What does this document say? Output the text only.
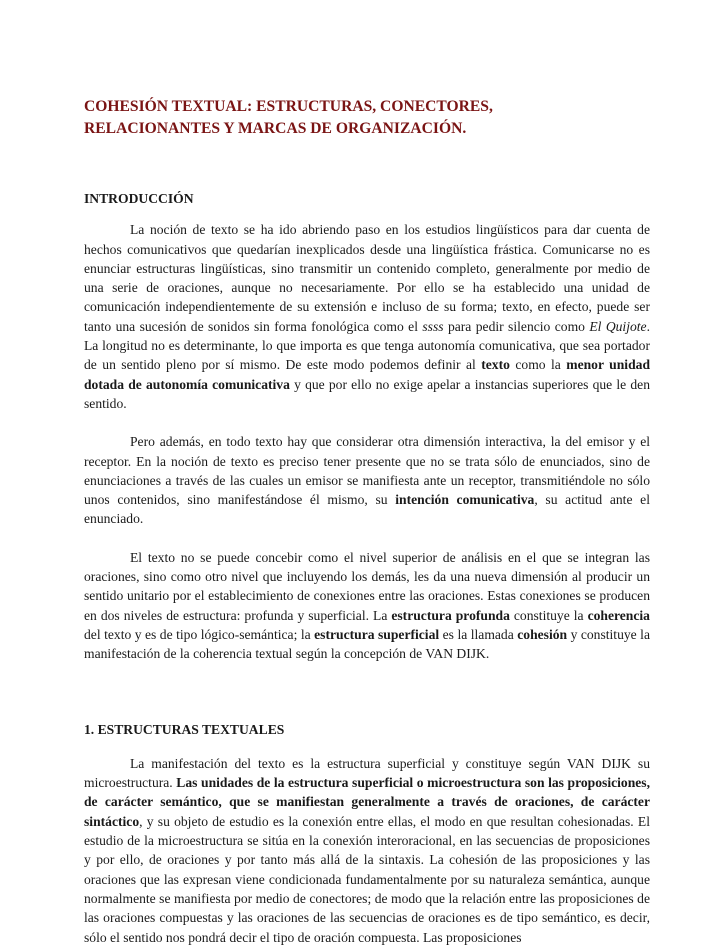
COHESIÓN TEXTUAL: ESTRUCTURAS, CONECTORES,
RELACIONANTES Y MARCAS DE ORGANIZACIÓN.
INTRODUCCIÓN

La noción de texto se ha ido abriendo paso en los estudios lingüísticos para dar cuenta de hechos comunicativos que quedarían inexplicados desde una lingüística frástica. Comunicarse no es enunciar estructuras lingüísticas, sino transmitir un contenido completo, generalmente por medio de una serie de oraciones, aunque no necesariamente. Por ello se ha establecido una unidad de comunicación independientemente de su extensión e incluso de su forma; texto, en efecto, puede ser tanto una sucesión de sonidos sin forma fonológica como el ssss para pedir silencio como El Quijote. La longitud no es determinante, lo que importa es que tenga autonomía comunicativa, que sea portador de un sentido pleno por sí mismo. De este modo podemos definir al texto como la menor unidad dotada de autonomía comunicativa y que por ello no exige apelar a instancias superiores que le den sentido.

Pero además, en todo texto hay que considerar otra dimensión interactiva, la del emisor y el receptor. En la noción de texto es preciso tener presente que no se trata sólo de enunciados, sino de enunciaciones a través de las cuales un emisor se manifiesta ante un receptor, transmitiéndole no sólo unos contenidos, sino manifestándose él mismo, su intención comunicativa, su actitud ante el enunciado.

El texto no se puede concebir como el nivel superior de análisis en el que se integran las oraciones, sino como otro nivel que incluyendo los demás, les da una nueva dimensión al producir un sentido unitario por el establecimiento de conexiones entre las oraciones. Estas conexiones se producen en dos niveles de estructura: profunda y superficial. La estructura profunda constituye la coherencia del texto y es de tipo lógico-semántica; la estructura superficial es la llamada cohesión y constituye la manifestación de la coherencia textual según la concepción de VAN DIJK.

1. ESTRUCTURAS TEXTUALES

La manifestación del texto es la estructura superficial y constituye según VAN DIJK su microestructura. Las unidades de la estructura superficial o microestructura son las proposiciones, de carácter semántico, que se manifiestan generalmente a través de oraciones, de carácter sintáctico, y su objeto de estudio es la conexión entre ellas, el modo en que resultan cohesionadas. El estudio de la microestructura se sitúa en la conexión interoracional, en las secuencias de proposiciones y por ello, de oraciones y por tanto más allá de la sintaxis. La cohesión de las proposiciones y las oraciones que las expresan viene condicionada fundamentalmente por su naturaleza semántica, aunque normalmente se manifiesta por medio de conectores; de modo que la relación entre las proposiciones de las oraciones compuestas y las oraciones de las secuencias de oraciones es de tipo semántico, es decir, sólo el sentido nos pondrá decir el tipo de oración compuesta. Las proposiciones
